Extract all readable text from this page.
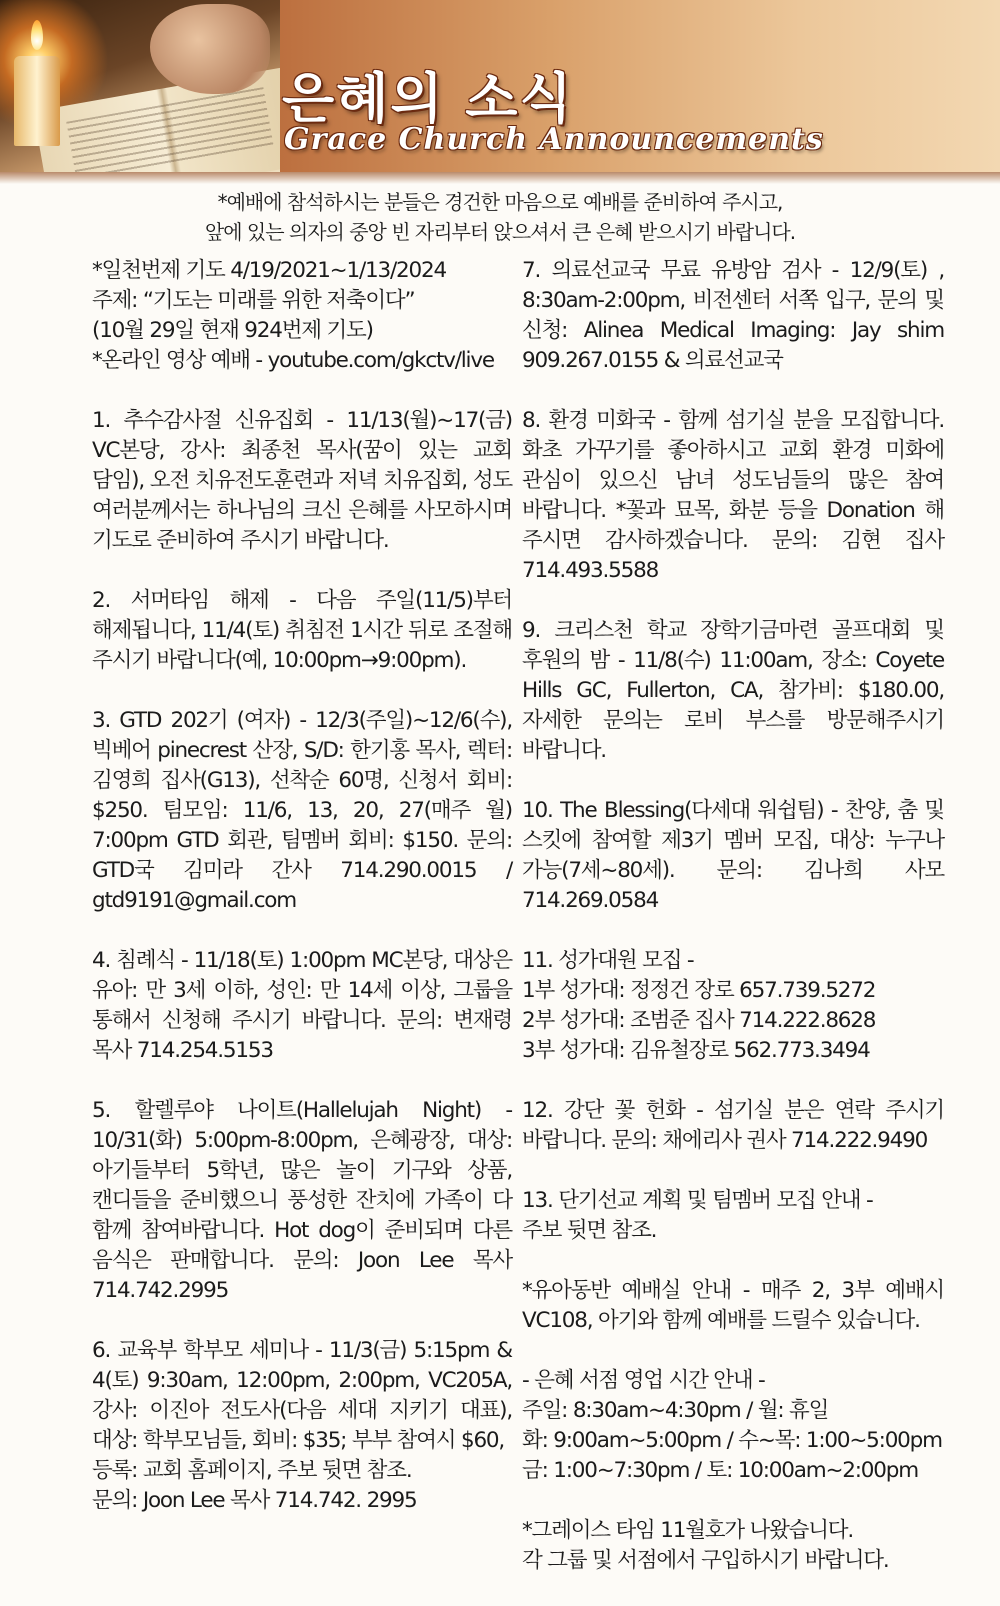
은혜의 소식
Grace Church Announcements
*예배에 참석하시는 분들은 경건한 마음으로 예배를 준비하여 주시고,
앞에 있는 의자의 중앙 빈 자리부터 앉으셔서 큰 은혜 받으시기 바랍니다.
*일천번제 기도 4/19/2021~1/13/2024
주제: “기도는 미래를 위한 저축이다”
(10월 29일 현재 924번제 기도)
*온라인 영상 예배 - youtube.com/gkctv/live
1. 추수감사절 신유집회 - 11/13(월)~17(금) VC본당, 강사: 최종천 목사(꿈이 있는 교회 담임), 오전 치유전도훈련과 저녁 치유집회, 성도 여러분께서는 하나님의 크신 은혜를 사모하시며 기도로 준비하여 주시기 바랍니다.
2. 서머타임 해제 - 다음 주일(11/5)부터 해제됩니다, 11/4(토) 취침전 1시간 뒤로 조절해 주시기 바랍니다(예, 10:00pm→9:00pm).
3. GTD 202기 (여자) - 12/3(주일)~12/6(수), 빅베어 pinecrest 산장, S/D: 한기홍 목사, 렉터: 김영희 집사(G13), 선착순 60명, 신청서 회비: $250. 팀모임: 11/6, 13, 20, 27(매주 월) 7:00pm GTD 회관, 팀멤버 회비: $150. 문의: GTD국 김미라 간사 714.290.0015 / gtd9191@gmail.com
4. 침례식 - 11/18(토) 1:00pm MC본당, 대상은 유아: 만 3세 이하, 성인: 만 14세 이상, 그룹을 통해서 신청해 주시기 바랍니다. 문의: 변재령 목사 714.254.5153
5. 할렐루야 나이트(Hallelujah Night) - 10/31(화) 5:00pm-8:00pm, 은혜광장, 대상: 아기들부터 5학년, 많은 놀이 기구와 상품, 캔디들을 준비했으니 풍성한 잔치에 가족이 다 함께 참여바랍니다. Hot dog이 준비되며 다른 음식은 판매합니다. 문의: Joon Lee 목사 714.742.2995
6. 교육부 학부모 세미나 - 11/3(금) 5:15pm & 4(토) 9:30am, 12:00pm, 2:00pm, VC205A, 강사: 이진아 전도사(다음 세대 지키기 대표), 대상: 학부모님들, 회비: $35; 부부 참여시 $60,
등록: 교회 홈페이지, 주보 뒷면 참조.
문의: Joon Lee 목사 714.742. 2995
7. 의료선교국 무료 유방암 검사 - 12/9(토) , 8:30am-2:00pm, 비전센터 서쪽 입구, 문의 및 신청: Alinea Medical Imaging: Jay shim 909.267.0155 & 의료선교국
8. 환경 미화국 - 함께 섬기실 분을 모집합니다. 화초 가꾸기를 좋아하시고 교회 환경 미화에 관심이 있으신 남녀 성도님들의 많은 참여 바랍니다. *꽃과 묘목, 화분 등을 Donation 해 주시면 감사하겠습니다. 문의: 김현 집사 714.493.5588
9. 크리스천 학교 장학기금마련 골프대회 및 후원의 밤 - 11/8(수) 11:00am, 장소: Coyete Hills GC, Fullerton, CA, 참가비: $180.00, 자세한 문의는 로비 부스를 방문해주시기 바랍니다.
10. The Blessing(다세대 워쉽팀) - 찬양, 춤 및 스킷에 참여할 제3기 멤버 모집, 대상: 누구나 가능(7세~80세). 문의: 김나희 사모 714.269.0584
11. 성가대원 모집 -
1부 성가대: 정정건 장로 657.739.5272
2부 성가대: 조범준 집사 714.222.8628
3부 성가대: 김유철장로 562.773.3494
12. 강단 꽃 헌화 - 섬기실 분은 연락 주시기 바랍니다. 문의: 채에리사 권사 714.222.9490
13. 단기선교 계획 및 팀멤버 모집 안내 -
주보 뒷면 참조.
*유아동반 예배실 안내 - 매주 2, 3부 예배시 VC108, 아기와 함께 예배를 드릴수 있습니다.
- 은혜 서점 영업 시간 안내 -
주일: 8:30am~4:30pm / 월: 휴일
화: 9:00am~5:00pm / 수~목: 1:00~5:00pm
금: 1:00~7:30pm / 토: 10:00am~2:00pm
*그레이스 타임 11월호가 나왔습니다.
각 그룹 및 서점에서 구입하시기 바랍니다.
